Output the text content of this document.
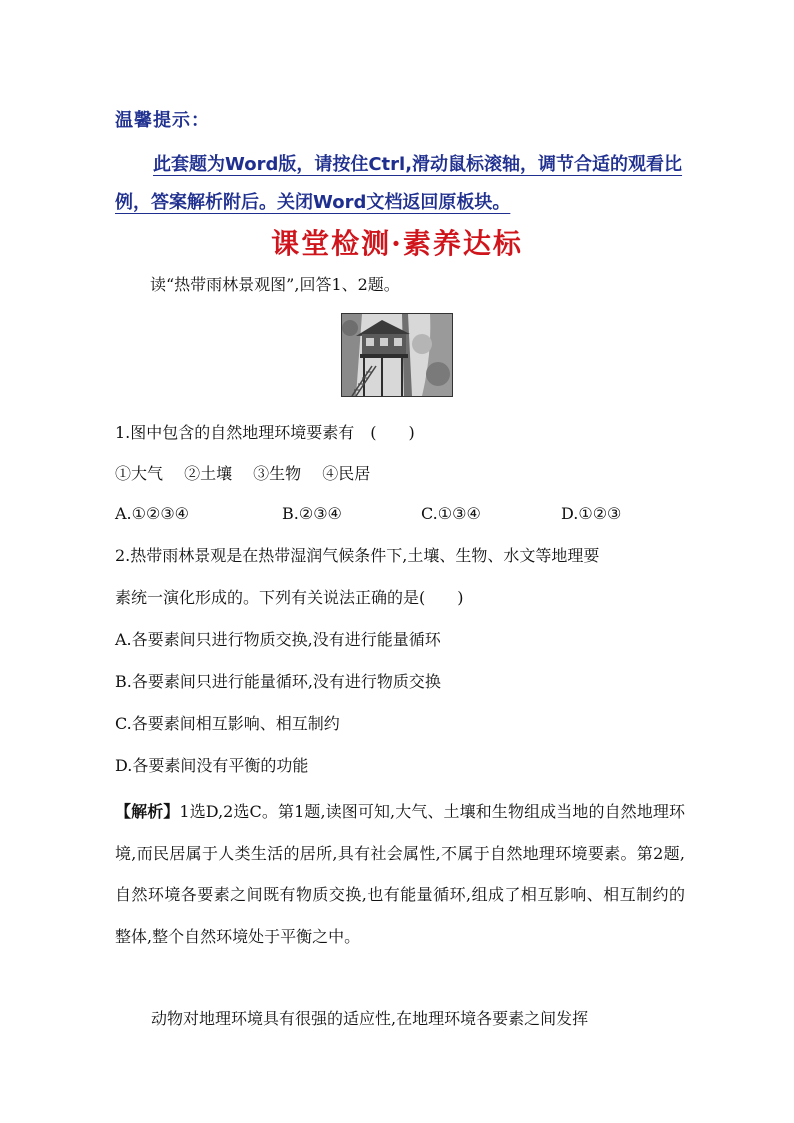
温馨提示：
此套题为Word版，请按住Ctrl,滑动鼠标滚轴，调节合适的观看比例，答案解析附后。关闭Word文档返回原板块。
课堂检测·素养达标
读“热带雨林景观图”,回答1、2题。
1.图中包含的自然地理环境要素有　(　　)
①大气　 ②土壤　 ③生物　 ④民居
A.①②③④	B.②③④	C.①③④	D.①②③
2.热带雨林景观是在热带湿润气候条件下,土壤、生物、水文等地理要
素统一演化形成的。下列有关说法正确的是(　　)
A.各要素间只进行物质交换,没有进行能量循环
B.各要素间只进行能量循环,没有进行物质交换
C.各要素间相互影响、相互制约
D.各要素间没有平衡的功能
【解析】1选D,2选C。第1题,读图可知,大气、土壤和生物组成当地的自然地理环境,而民居属于人类生活的居所,具有社会属性,不属于自然地理环境要素。第2题,自然环境各要素之间既有物质交换,也有能量循环,组成了相互影响、相互制约的整体,整个自然环境处于平衡之中。
动物对地理环境具有很强的适应性,在地理环境各要素之间发挥
